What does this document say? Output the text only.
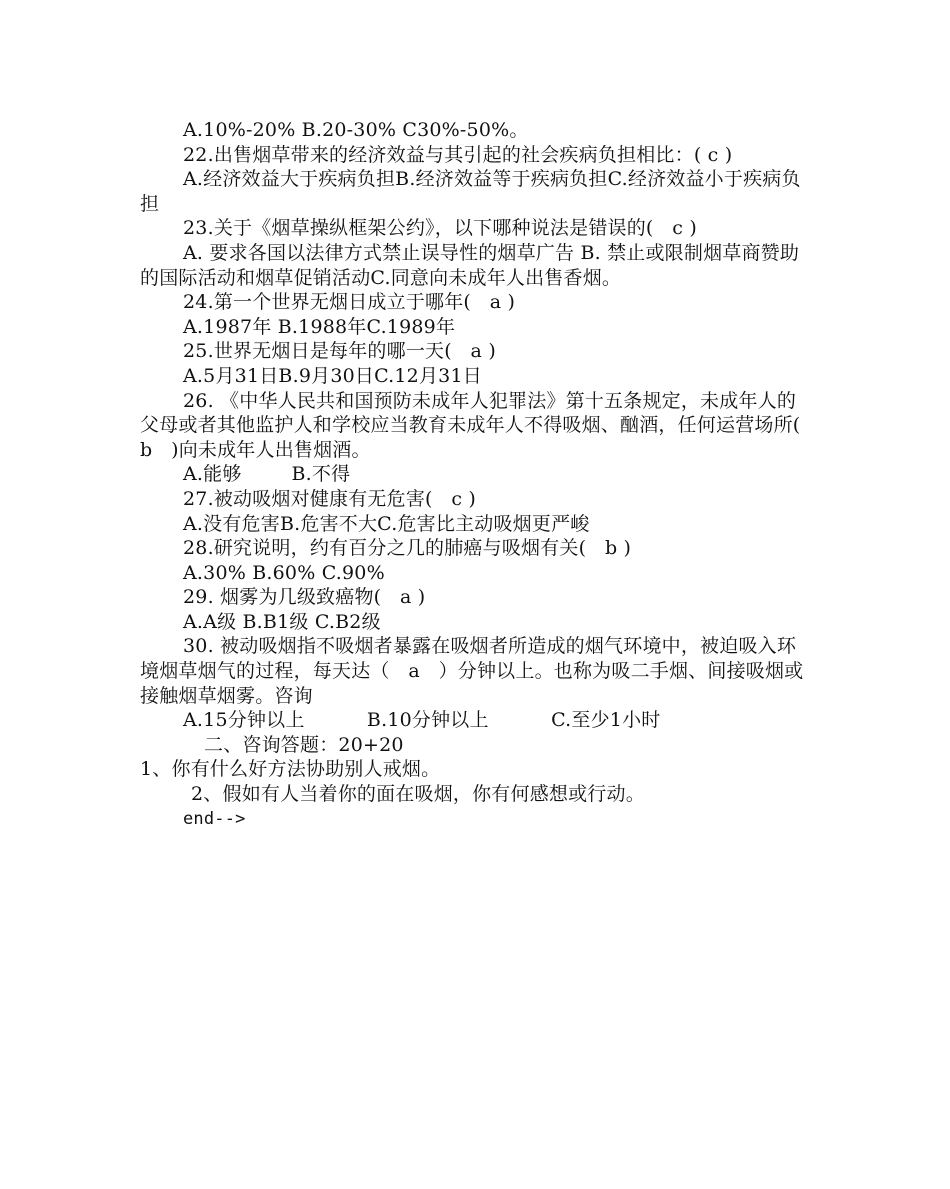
A.10%-20% B.20-30% C30%-50%。

22.出售烟草带来的经济效益与其引起的社会疾病负担相比：( c )

A.经济效益大于疾病负担B.经济效益等于疾病负担C.经济效益小于疾病负担

23.关于《烟草操纵框架公约》，以下哪种说法是错误的(   c )

A. 要求各国以法律方式禁止误导性的烟草广告 B. 禁止或限制烟草商赞助的国际活动和烟草促销活动C.同意向未成年人出售香烟。

24.第一个世界无烟日成立于哪年(   a )

A.1987年 B.1988年C.1989年

25.世界无烟日是每年的哪一天(   a )

A.5月31日B.9月30日C.12月31日

26. 《中华人民共和国预防未成年人犯罪法》第十五条规定，未成年人的父母或者其他监护人和学校应当教育未成年人不得吸烟、酗酒，任何运营场所(   b   )向未成年人出售烟酒。

A.能够        B.不得

27.被动吸烟对健康有无危害(   c )

A.没有危害B.危害不大C.危害比主动吸烟更严峻

28.研究说明，约有百分之几的肺癌与吸烟有关(   b )

A.30% B.60% C.90%

29. 烟雾为几级致癌物(   a )

A.A级 B.B1级 C.B2级

30. 被动吸烟指不吸烟者暴露在吸烟者所造成的烟气环境中，被迫吸入环境烟草烟气的过程，每天达（   a   ）分钟以上。也称为吸二手烟、间接吸烟或接触烟草烟雾。咨询

A.15分钟以上          B.10分钟以上          C.至少1小时

二、咨询答题：20+20

1、你有什么好方法协助别人戒烟。

2、假如有人当着你的面在吸烟，你有何感想或行动。

end-->
